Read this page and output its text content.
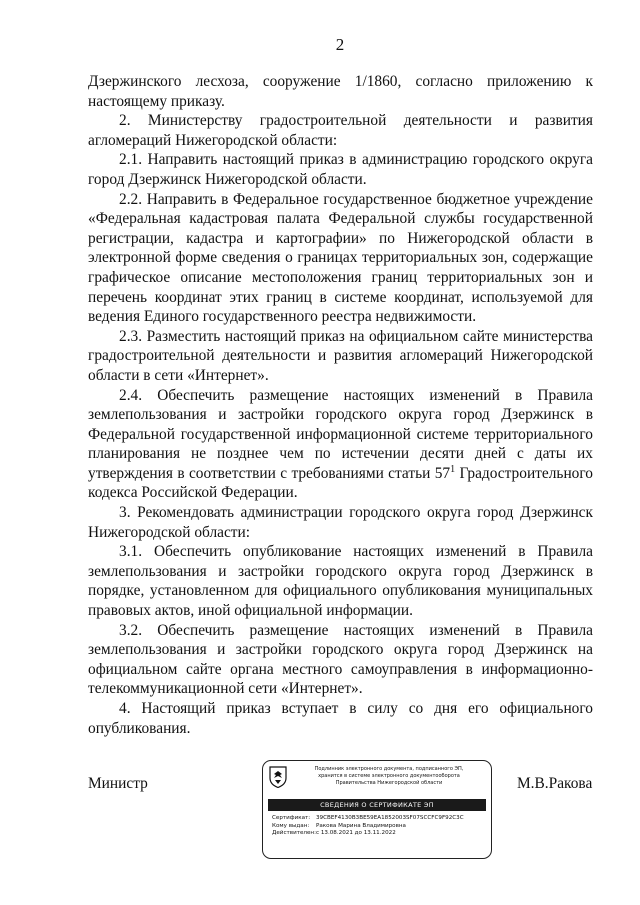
2

Дзержинского лесхоза, сооружение 1/1860, согласно приложению к настоящему приказу.

2. Министерству градостроительной деятельности и развития агломераций Нижегородской области:

2.1. Направить настоящий приказ в администрацию городского округа город Дзержинск Нижегородской области.

2.2. Направить в Федеральное государственное бюджетное учреждение «Федеральная кадастровая палата Федеральной службы государственной регистрации, кадастра и картографии» по Нижегородской области в электронной форме сведения о границах территориальных зон, содержащие графическое описание местоположения границ территориальных зон и перечень координат этих границ в системе координат, используемой для ведения Единого государственного реестра недвижимости.

2.3. Разместить настоящий приказ на официальном сайте министерства градостроительной деятельности и развития агломераций Нижегородской области в сети «Интернет».

2.4. Обеспечить размещение настоящих изменений в Правила землепользования и застройки городского округа город Дзержинск в Федеральной государственной информационной системе территориального планирования не позднее чем по истечении десяти дней с даты их утверждения в соответствии с требованиями статьи $57^1$ Градостроительного кодекса Российской Федерации.

3. Рекомендовать администрации городского округа город Дзержинск Нижегородской области:

3.1. Обеспечить опубликование настоящих изменений в Правила землепользования и застройки городского округа город Дзержинск в порядке, установленном для официального опубликования муниципальных правовых актов, иной официальной информации.

3.2. Обеспечить размещение настоящих изменений в Правила землепользования и застройки городского округа город Дзержинск на официальном сайте органа местного самоуправления в информационно-телекоммуникационной сети «Интернет».

4. Настоящий приказ вступает в силу со дня его официального опубликования.

Министр
Подлинник электронного документа, подписанного ЭП,
хранится в системе электронного документооборота
Правительства Нижегородской области
СВЕДЕНИЯ О СЕРТИФИКАТЕ ЭП
Сертификат: 39CBEF4130B3BE59EA1852003SF07SCCFC9F92C3C
Кому выдан: Ракова Марина Владимировна
Действителен:с 13.08.2021 до 13.11.2022
М.В.Ракова
